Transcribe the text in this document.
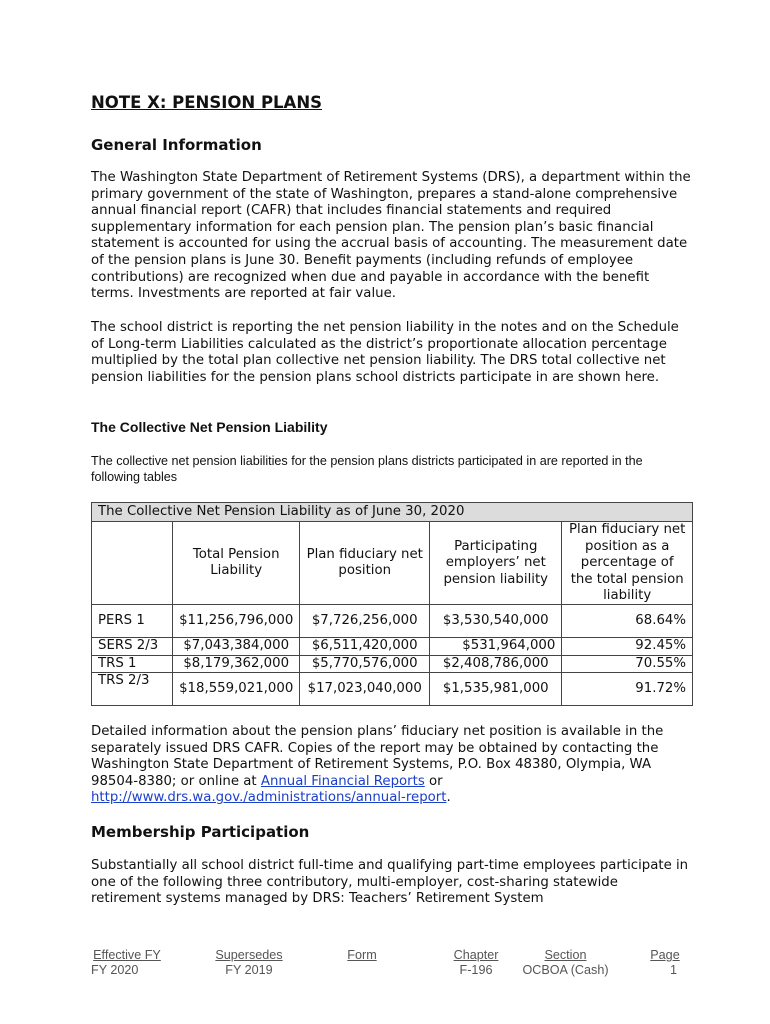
NOTE X: PENSION PLANS
General Information
The Washington State Department of Retirement Systems (DRS), a department within the primary government of the state of Washington, prepares a stand-alone comprehensive annual financial report (CAFR) that includes financial statements and required supplementary information for each pension plan. The pension plan’s basic financial statement is accounted for using the accrual basis of accounting. The measurement date of the pension plans is June 30. Benefit payments (including refunds of employee contributions) are recognized when due and payable in accordance with the benefit terms. Investments are reported at fair value.
The school district is reporting the net pension liability in the notes and on the Schedule of Long-term Liabilities calculated as the district’s proportionate allocation percentage multiplied by the total plan collective net pension liability. The DRS total collective net pension liabilities for the pension plans school districts participate in are shown here.
The Collective Net Pension Liability
The collective net pension liabilities for the pension plans districts participated in are reported in the following tables
The Collective Net Pension Liability as of June 30, 2020				
	Total Pension Liability	Plan fiduciary net position	Participating employers’ net pension liability	Plan fiduciary net position as a percentage of the total pension liability
PERS 1	$11,256,796,000	$7,726,256,000	$3,530,540,000	68.64%
SERS 2/3	$7,043,384,000	$6,511,420,000	$531,964,000	92.45%
TRS 1	$8,179,362,000	$5,770,576,000	$2,408,786,000	70.55%
TRS 2/3	$18,559,021,000	$17,023,040,000	$1,535,981,000	91.72%
Detailed information about the pension plans’ fiduciary net position is available in the separately issued DRS CAFR. Copies of the report may be obtained by contacting the Washington State Department of Retirement Systems, P.O. Box 48380, Olympia, WA 98504-8380; or online at Annual Financial Reports or http://www.drs.wa.gov./administrations/annual-report.
Membership Participation
Substantially all school district full-time and qualifying part-time employees participate in one of the following three contributory, multi-employer, cost-sharing statewide retirement systems managed by DRS: Teachers’ Retirement System
Effective FY
FY 2020
Supersedes
FY 2019
Form	Chapter
F-196
Section
OCBOA (Cash)
Page
1
